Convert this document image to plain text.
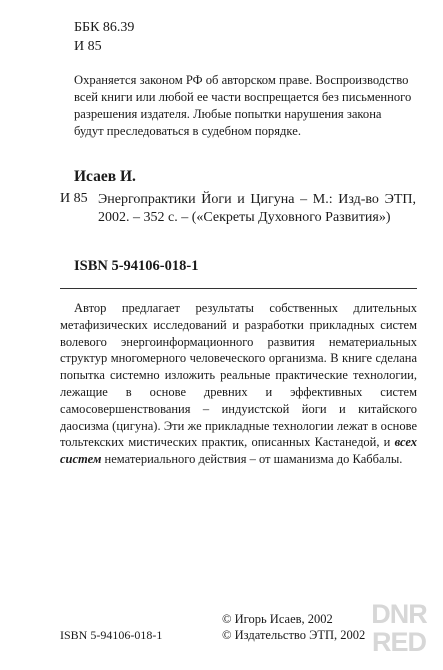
ББК 86.39
И 85
Охраняется законом РФ об авторском праве. Воспроизводство всей книги или любой ее части воспрещается без письменного разрешения издателя. Любые попытки нарушения закона будут преследоваться в судебном порядке.
Исаев И.
И 85 Энергопрактики Йоги и Цигуна – М.: Изд-во ЭТП, 2002. – 352 с. – («Секреты Духовного Развития»)
ISBN 5-94106-018-1

Автор предлагает результаты собственных длительных метафизических исследований и разработки прикладных систем волевого энергоинформационного развития нематериальных структур многомерного человеческого организма. В книге сделана попытка системно изложить реальные практические технологии, лежащие в основе древних и эффективных систем самосовершенствования – индуистской йоги и китайского даосизма (цигуна). Эти же прикладные технологии лежат в основе тольтекских мистических практик, описанных Кастанедой, и всех систем нематериального действия – от шаманизма до Каббалы.

ISBN 5-94106-018-1
© Игорь Исаев, 2002
© Издательство ЭТП, 2002
DNR
RED
